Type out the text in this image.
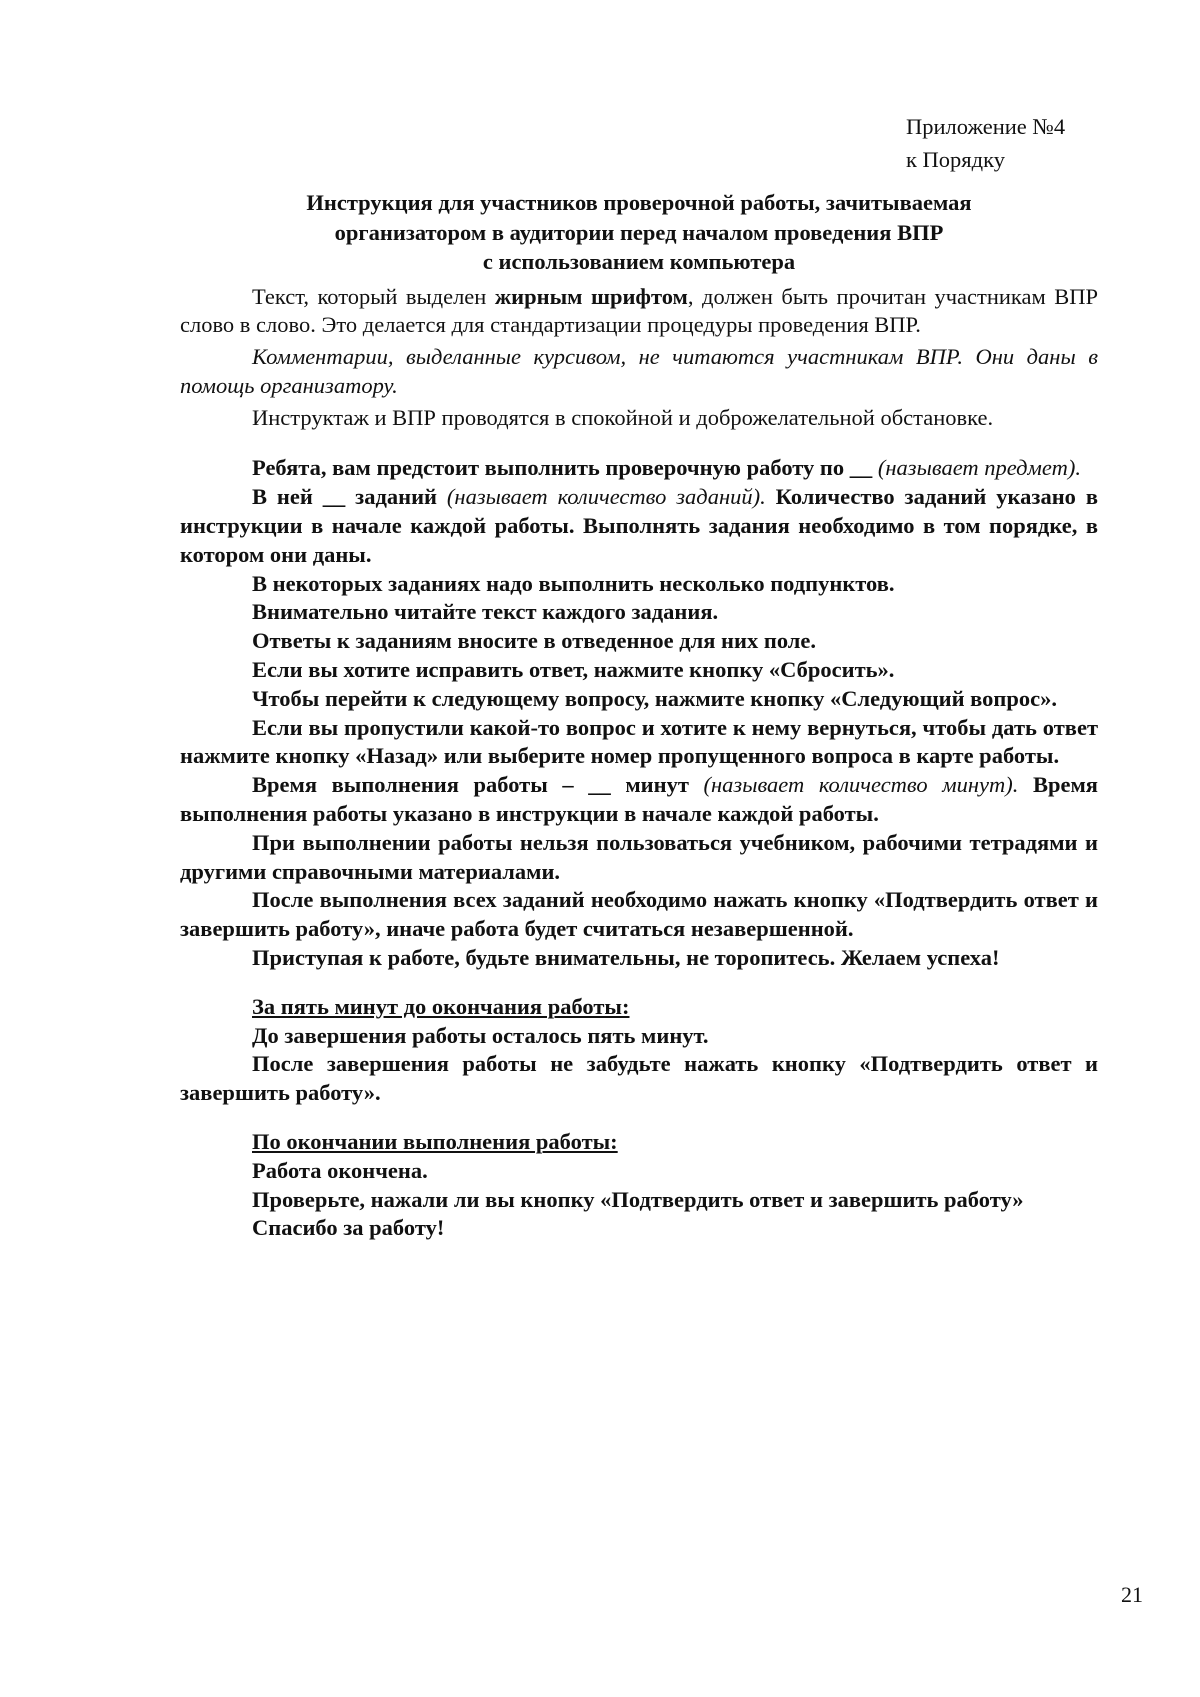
Приложение №4
к Порядку
Инструкция для участников проверочной работы, зачитываемая
организатором в аудитории перед началом проведения ВПР
с использованием компьютера

Текст, который выделен жирным шрифтом, должен быть прочитан участникам ВПР слово в слово. Это делается для стандартизации процедуры проведения ВПР.

Комментарии, выделанные курсивом, не читаются участникам ВПР. Они даны в помощь организатору.

Инструктаж и ВПР проводятся в спокойной и доброжелательной обстановке.

Ребята, вам предстоит выполнить проверочную работу по __ (называет предмет).

В ней __ заданий (называет количество заданий). Количество заданий указано в инструкции в начале каждой работы. Выполнять задания необходимо в том порядке, в котором они даны.

В некоторых заданиях надо выполнить несколько подпунктов.

Внимательно читайте текст каждого задания.

Ответы к заданиям вносите в отведенное для них поле.

Если вы хотите исправить ответ, нажмите кнопку «Сбросить».

Чтобы перейти к следующему вопросу, нажмите кнопку «Следующий вопрос».

Если вы пропустили какой-то вопрос и хотите к нему вернуться, чтобы дать ответ нажмите кнопку «Назад» или выберите номер пропущенного вопроса в карте работы.

Время выполнения работы – __ минут (называет количество минут). Время выполнения работы указано в инструкции в начале каждой работы.

При выполнении работы нельзя пользоваться учебником, рабочими тетрадями и другими справочными материалами.

После выполнения всех заданий необходимо нажать кнопку «Подтвердить ответ и завершить работу», иначе работа будет считаться незавершенной.

Приступая к работе, будьте внимательны, не торопитесь. Желаем успеха!

За пять минут до окончания работы:

До завершения работы осталось пять минут.

После завершения работы не забудьте нажать кнопку «Подтвердить ответ и завершить работу».

По окончании выполнения работы:

Работа окончена.

Проверьте, нажали ли вы кнопку «Подтвердить ответ и завершить работу»

Спасибо за работу!

21
